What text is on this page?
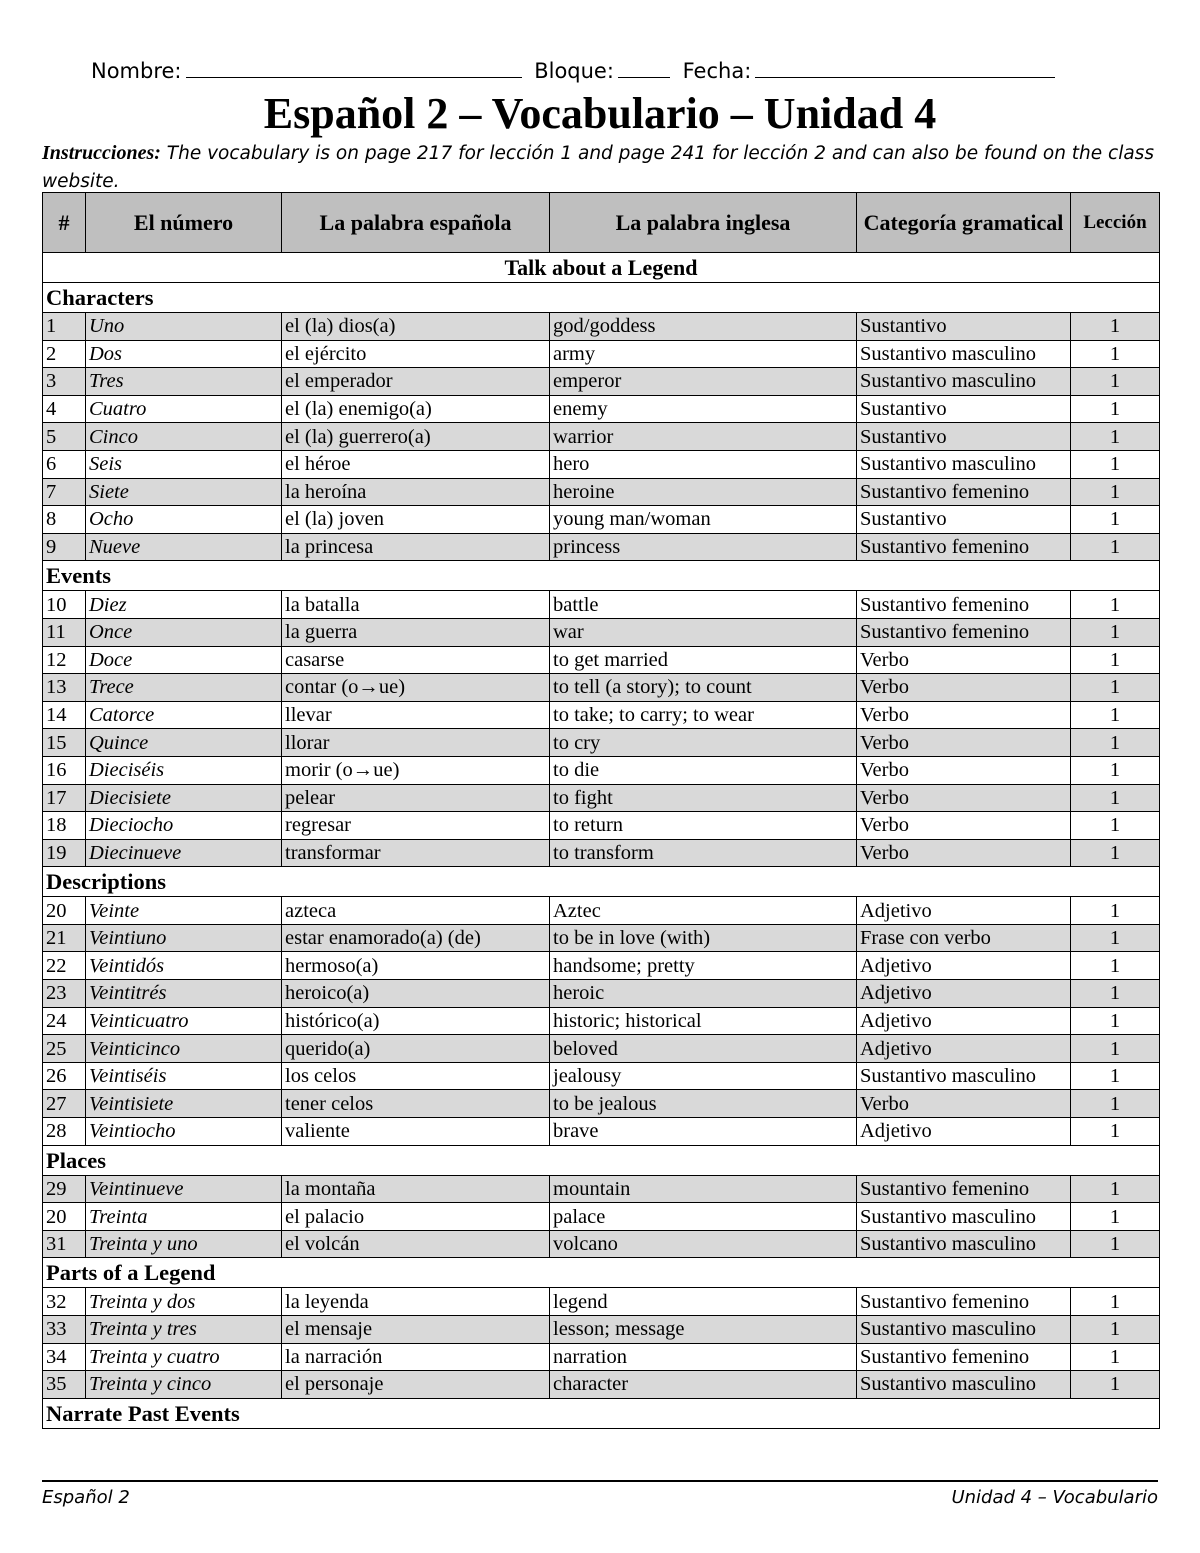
Nombre:	Bloque:	Fecha:
Español 2 – Vocabulario – Unidad 4
Instrucciones: The vocabulary is on page 217 for lección 1 and page 241 for lección 2 and can also be found on the class website.
#	El número	La palabra española	La palabra inglesa	Categoría gramatical	Lección
Talk about a Legend					
Characters					
1	Uno	el (la) dios(a)	god/goddess	Sustantivo	1
2	Dos	el ejército	army	Sustantivo masculino	1
3	Tres	el emperador	emperor	Sustantivo masculino	1
4	Cuatro	el (la) enemigo(a)	enemy	Sustantivo	1
5	Cinco	el (la) guerrero(a)	warrior	Sustantivo	1
6	Seis	el héroe	hero	Sustantivo masculino	1
7	Siete	la heroína	heroine	Sustantivo femenino	1
8	Ocho	el (la) joven	young man/woman	Sustantivo	1
9	Nueve	la princesa	princess	Sustantivo femenino	1
Events					
10	Diez	la batalla	battle	Sustantivo femenino	1
11	Once	la guerra	war	Sustantivo femenino	1
12	Doce	casarse	to get married	Verbo	1
13	Trece	contar (o→ue)	to tell (a story); to count	Verbo	1
14	Catorce	llevar	to take; to carry; to wear	Verbo	1
15	Quince	llorar	to cry	Verbo	1
16	Dieciséis	morir (o→ue)	to die	Verbo	1
17	Diecisiete	pelear	to fight	Verbo	1
18	Dieciocho	regresar	to return	Verbo	1
19	Diecinueve	transformar	to transform	Verbo	1
Descriptions					
20	Veinte	azteca	Aztec	Adjetivo	1
21	Veintiuno	estar enamorado(a) (de)	to be in love (with)	Frase con verbo	1
22	Veintidós	hermoso(a)	handsome; pretty	Adjetivo	1
23	Veintitrés	heroico(a)	heroic	Adjetivo	1
24	Veinticuatro	histórico(a)	historic; historical	Adjetivo	1
25	Veinticinco	querido(a)	beloved	Adjetivo	1
26	Veintiséis	los celos	jealousy	Sustantivo masculino	1
27	Veintisiete	tener celos	to be jealous	Verbo	1
28	Veintiocho	valiente	brave	Adjetivo	1
Places					
29	Veintinueve	la montaña	mountain	Sustantivo femenino	1
20	Treinta	el palacio	palace	Sustantivo masculino	1
31	Treinta y uno	el volcán	volcano	Sustantivo masculino	1
Parts of a Legend					
32	Treinta y dos	la leyenda	legend	Sustantivo femenino	1
33	Treinta y tres	el mensaje	lesson; message	Sustantivo masculino	1
34	Treinta y cuatro	la narración	narration	Sustantivo femenino	1
35	Treinta y cinco	el personaje	character	Sustantivo masculino	1
Narrate Past Events					
Español 2	Unidad 4 – Vocabulario
